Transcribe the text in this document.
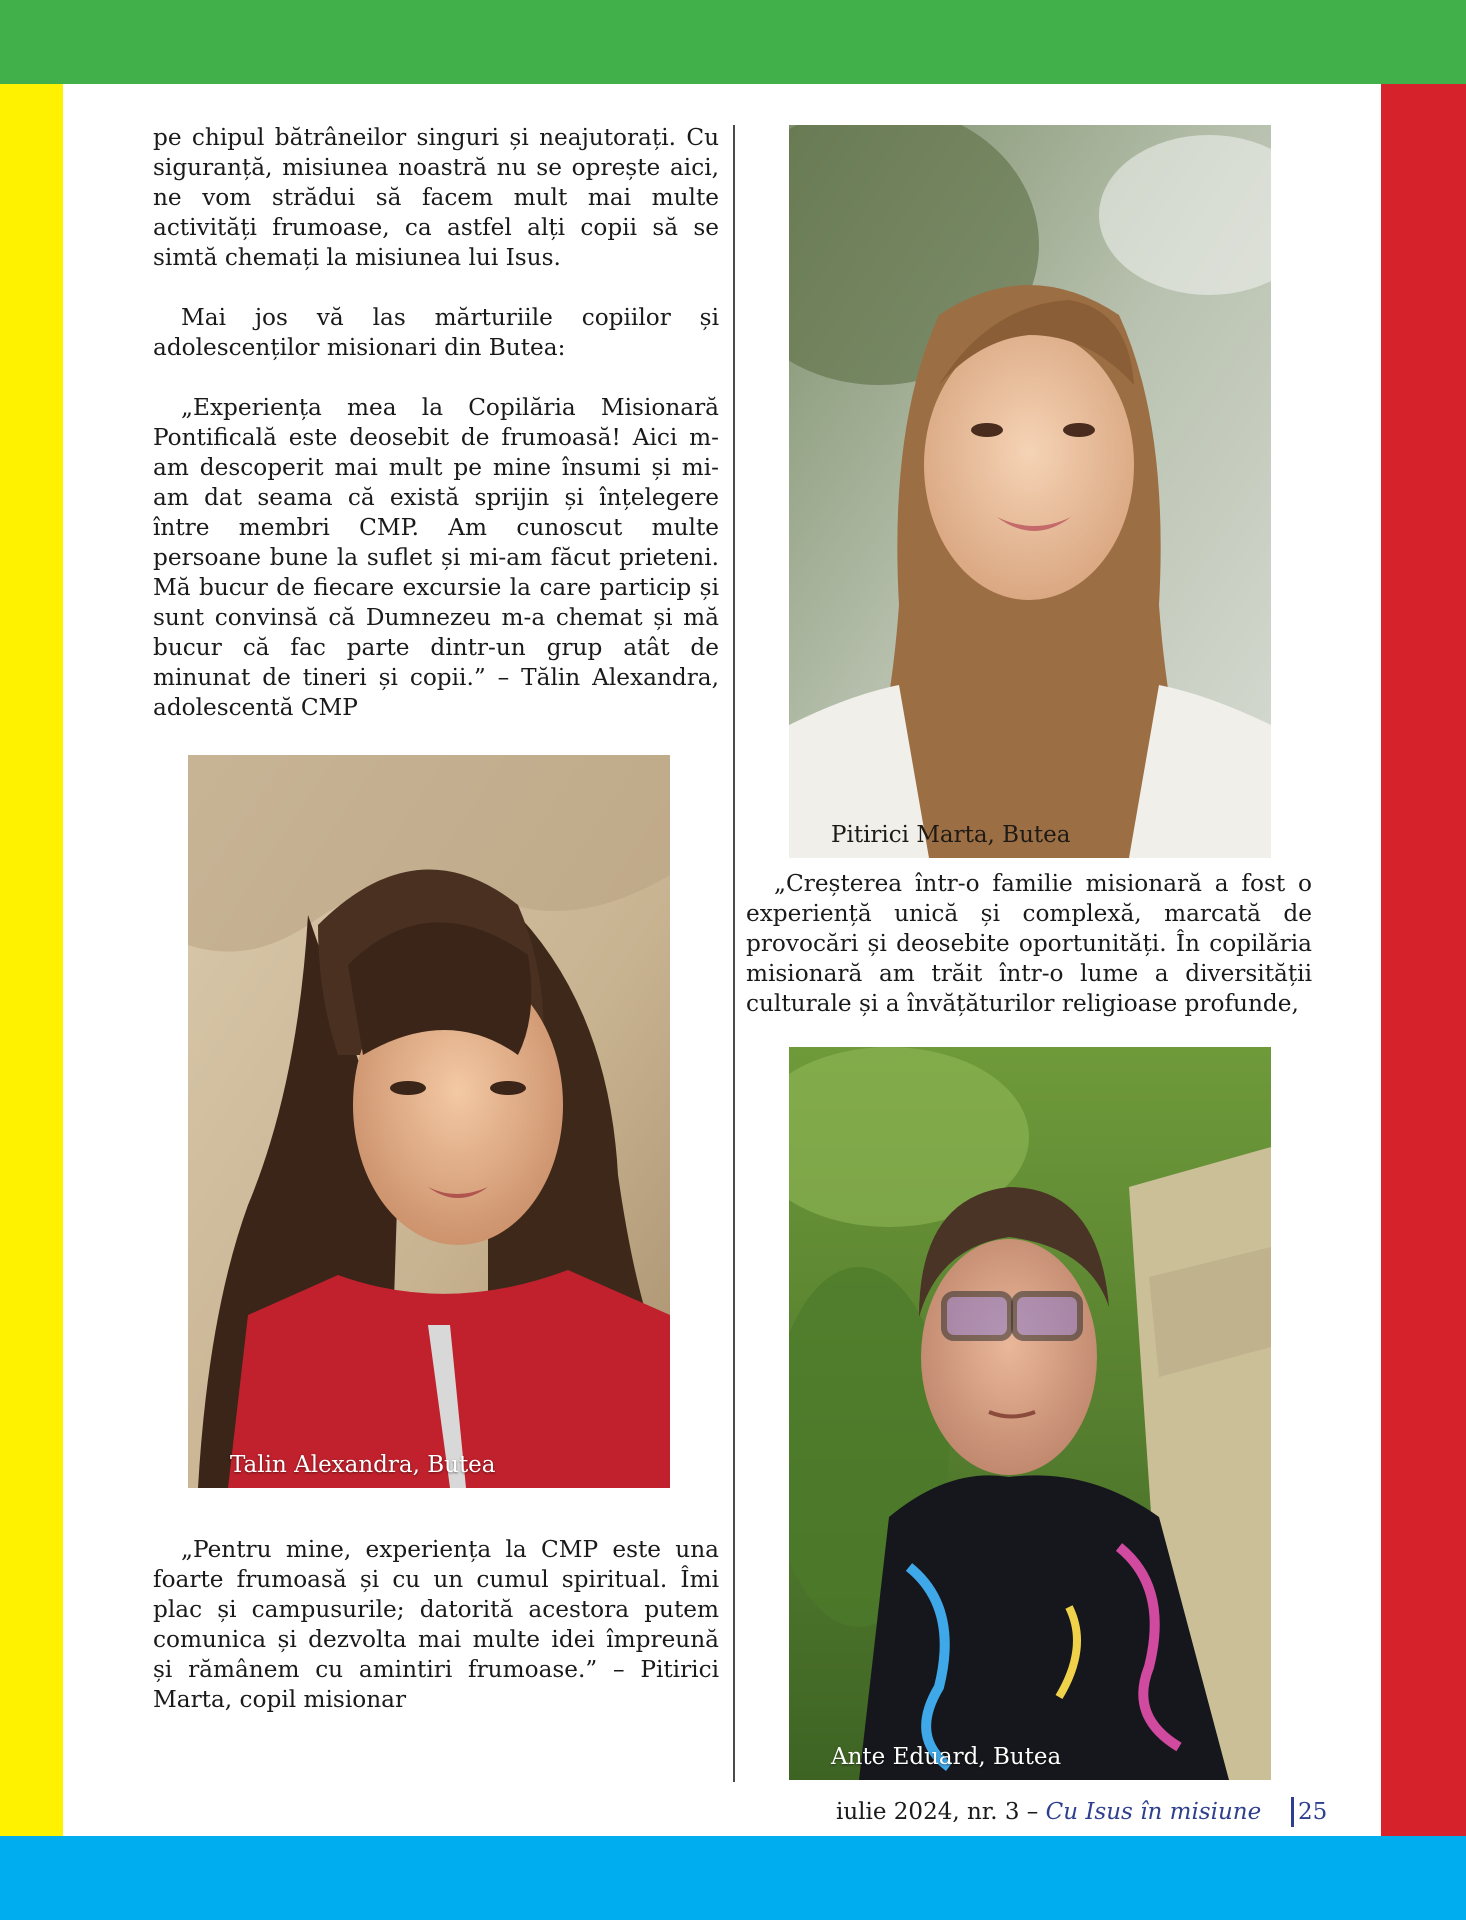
pe chipul bătrâneilor singuri și neajutorați. Cu siguranță, misiunea noastră nu se oprește aici, ne vom strădui să facem mult mai multe activități frumoase, ca astfel alți copii să se simtă chemați la misiunea lui Isus.

Mai jos vă las mărturiile copiilor și adolescenților misionari din Butea:

„Experiența mea la Copilăria Misionară Pontificală este deosebit de frumoasă! Aici m-am descoperit mai mult pe mine însumi și mi-am dat seama că există sprijin și înțelegere între membri CMP. Am cunoscut multe persoane bune la suflet și mi-am făcut prieteni. Mă bucur de fiecare excursie la care particip și sunt convinsă că Dumnezeu m-a chemat și mă bucur că fac parte dintr-un grup atât de minunat de tineri și copii.” – Tălin Alexandra, adolescentă CMP

Talin Alexandra, Butea

„Pentru mine, experiența la CMP este una foarte frumoasă și cu un cumul spiritual. Îmi plac și campusurile; datorită acestora putem comunica și dezvolta mai multe idei împreună și rămânem cu amintiri frumoase.” – Pitirici Marta, copil misionar

Pitirici Marta, Butea

„Creșterea într-o familie misionară a fost o experiență unică și complexă, marcată de provocări și deosebite oportunități. În copilăria misionară am trăit într-o lume a diversității culturale și a învățăturilor religioase profunde,

Ante Eduard, Butea
iulie 2024, nr. 3 – Cu Isus în misiune 25
